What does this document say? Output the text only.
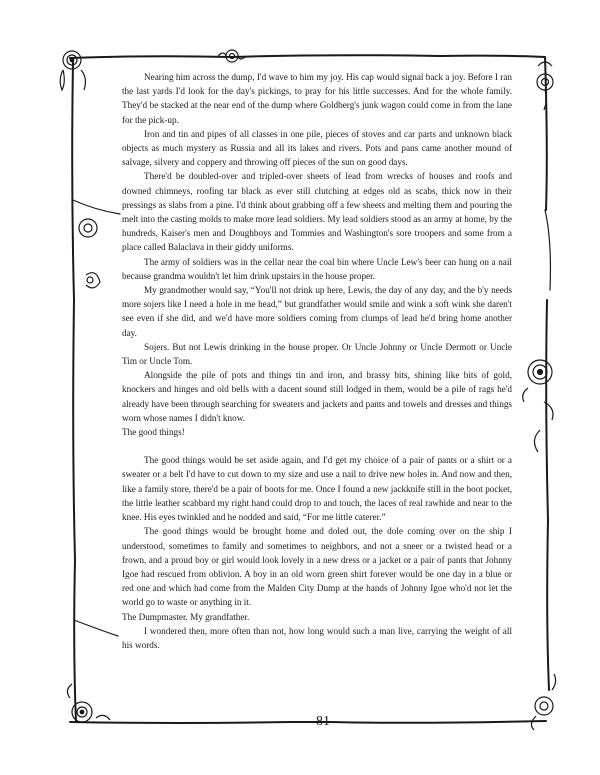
Nearing him across the dump, I'd wave to him my joy. His cap would signal back a joy. Before I ran the last yards I'd look for the day's pickings, to pray for his little successes. And for the whole family. They'd be stacked at the near end of the dump where Goldberg's junk wagon could come in from the lane for the pick-up.

Iron and tin and pipes of all classes in one pile, pieces of stoves and car parts and unknown black objects as much mystery as Russia and all its lakes and rivers. Pots and pans came another mound of salvage, silvery and coppery and throwing off pieces of the sun on good days.

There'd be doubled-over and tripled-over sheets of lead from wrecks of houses and roofs and downed chimneys, roofing tar black as ever still clutching at edges old as scabs, thick now in their pressings as slabs from a pine. I'd think about grabbing off a few sheets and melting them and pouring the melt into the casting molds to make more lead soldiers. My lead soldiers stood as an army at home, by the hundreds, Kaiser's men and Doughboys and Tommies and Washington's sore troopers and some from a place called Balaclava in their giddy uniforms.

The army of soldiers was in the cellar near the coal bin where Uncle Lew's beer can hung on a nail because grandma wouldn't let him drink upstairs in the house proper.

My grandmother would say, “You'll not drink up here, Lewis, the day of any day, and the b'y needs more sojers like I need a hole in me head,” but grandfather would smile and wink a soft wink she daren't see even if she did, and we'd have more soldiers coming from clumps of lead he'd bring home another day.

Sojers. But not Lewis drinking in the house proper. Or Uncle Johnny or Uncle Dermott or Uncle Tim or Uncle Tom.

Alongside the pile of pots and things tin and iron, and brassy bits, shining like bits of gold, knockers and hinges and old bells with a dacent sound still lodged in them, would be a pile of rags he'd already have been through searching for sweaters and jackets and pants and towels and dresses and things worn whose names I didn't know.

The good things!

The good things would be set aside again, and I'd get my choice of a pair of pants or a shirt or a sweater or a belt I'd have to cut down to my size and use a nail to drive new holes in. And now and then, like a family store, there'd be a pair of boots for me. Once I found a new jackknife still in the boot pocket, the little leather scabbard my right hand could drop to and touch, the laces of real rawhide and near to the knee. His eyes twinkled and he nodded and said, “For me little caterer.”

The good things would be brought home and doled out, the dole coming over on the ship I understood, sometimes to family and sometimes to neighbors, and not a sneer or a twisted head or a frown, and a proud boy or girl would look lovely in a new dress or a jacket or a pair of pants that Johnny Igoe had rescued from oblivion. A boy in an old worn green shirt forever would be one day in a blue or red one and which had come from the Malden City Dump at the hands of Johnny Igoe who'd not let the world go to waste or anything in it.

The Dumpmaster. My grandfather.

I wondered then, more often than not, how long would such a man live, carrying the weight of all his words.

81
